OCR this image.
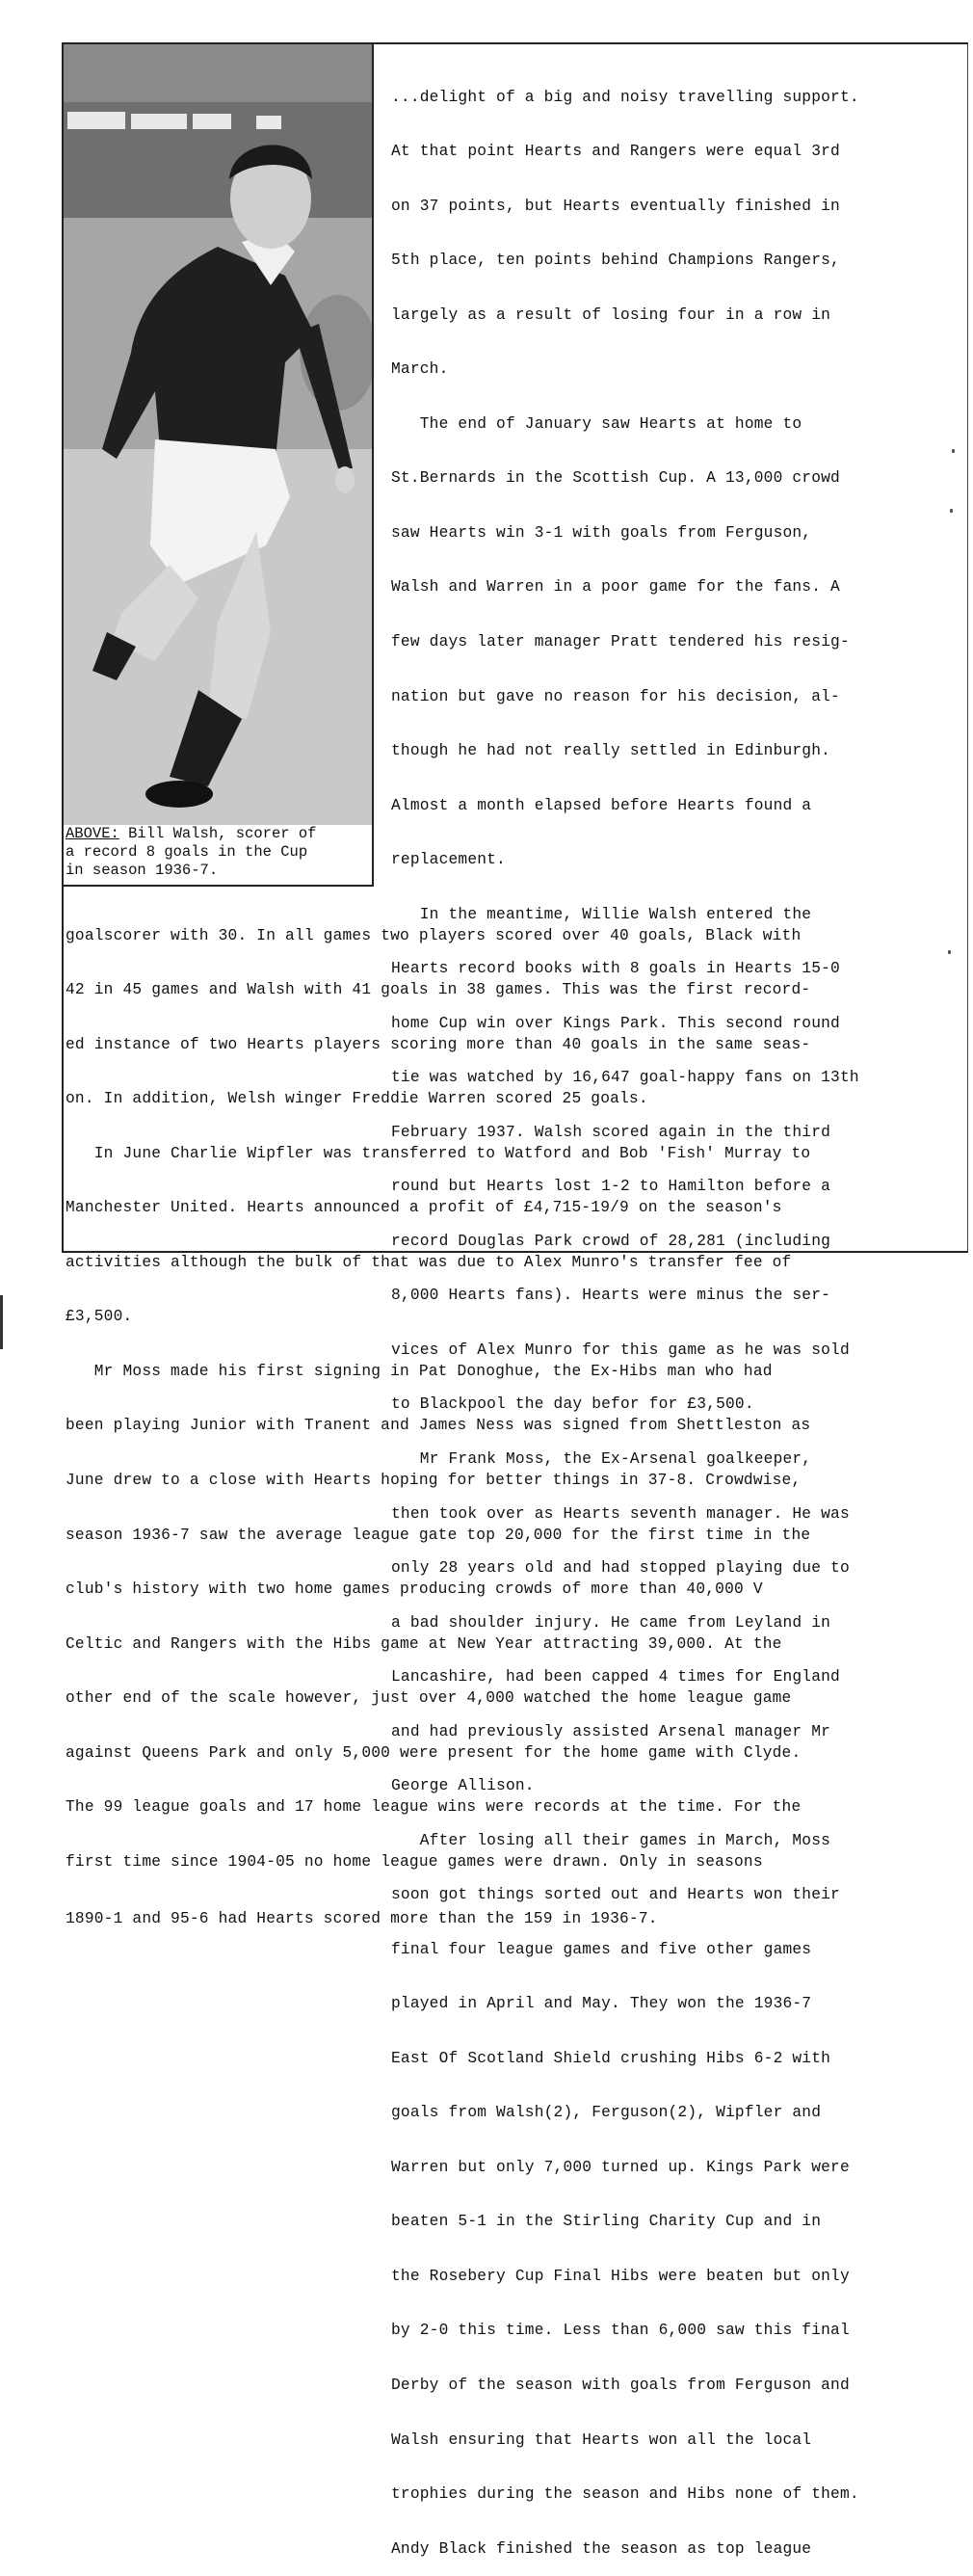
ABOVE: Bill Walsh, scorer of

a record 8 goals in the Cup

in season 1936-7.

...delight of a big and noisy travelling support.

At that point Hearts and Rangers were equal 3rd

on 37 points, but Hearts eventually finished in

5th place, ten points behind Champions Rangers,

largely as a result of losing four in a row in

March.

The end of January saw Hearts at home to

St.Bernards in the Scottish Cup. A 13,000 crowd

saw Hearts win 3-1 with goals from Ferguson,

Walsh and Warren in a poor game for the fans. A

few days later manager Pratt tendered his resig-

nation but gave no reason for his decision, al-

though he had not really settled in Edinburgh.

Almost a month elapsed before Hearts found a

replacement.

In the meantime, Willie Walsh entered the

Hearts record books with 8 goals in Hearts 15-0

home Cup win over Kings Park. This second round

tie was watched by 16,647 goal-happy fans on 13th

February 1937. Walsh scored again in the third

round but Hearts lost 1-2 to Hamilton before a

record Douglas Park crowd of 28,281 (including

8,000 Hearts fans). Hearts were minus the ser-

vices of Alex Munro for this game as he was sold

to Blackpool the day befor for £3,500.

Mr Frank Moss, the Ex-Arsenal goalkeeper,

then took over as Hearts seventh manager. He was

only 28 years old and had stopped playing due to

a bad shoulder injury. He came from Leyland in

Lancashire, had been capped 4 times for England

and had previously assisted Arsenal manager Mr

George Allison.

After losing all their games in March, Moss

soon got things sorted out and Hearts won their

final four league games and five other games

played in April and May. They won the 1936-7

East Of Scotland Shield crushing Hibs 6-2 with

goals from Walsh(2), Ferguson(2), Wipfler and

Warren but only 7,000 turned up. Kings Park were

beaten 5-1 in the Stirling Charity Cup and in

the Rosebery Cup Final Hibs were beaten but only

by 2-0 this time. Less than 6,000 saw this final

Derby of the season with goals from Ferguson and

Walsh ensuring that Hearts won all the local

trophies during the season and Hibs none of them.

Andy Black finished the season as top league

goalscorer with 30. In all games two players scored over 40 goals, Black with

42 in 45 games and Walsh with 41 goals in 38 games. This was the first record-

ed instance of two Hearts players scoring more than 40 goals in the same seas-

on. In addition, Welsh winger Freddie Warren scored 25 goals.

In June Charlie Wipfler was transferred to Watford and Bob 'Fish' Murray to

Manchester United. Hearts announced a profit of £4,715-19/9 on the season's

activities although the bulk of that was due to Alex Munro's transfer fee of

£3,500.

Mr Moss made his first signing in Pat Donoghue, the Ex-Hibs man who had

been playing Junior with Tranent and James Ness was signed from Shettleston as

June drew to a close with Hearts hoping for better things in 37-8. Crowdwise,

season 1936-7 saw the average league gate top 20,000 for the first time in the

club's history with two home games producing crowds of more than 40,000 V

Celtic and Rangers with the Hibs game at New Year attracting 39,000. At the

other end of the scale however, just over 4,000 watched the home league game

against Queens Park and only 5,000 were present for the home game with Clyde.

The 99 league goals and 17 home league wins were records at the time. For the

first time since 1904-05 no home league games were drawn. Only in seasons

1890-1 and 95-6 had Hearts scored more than the 159 in 1936-7.
